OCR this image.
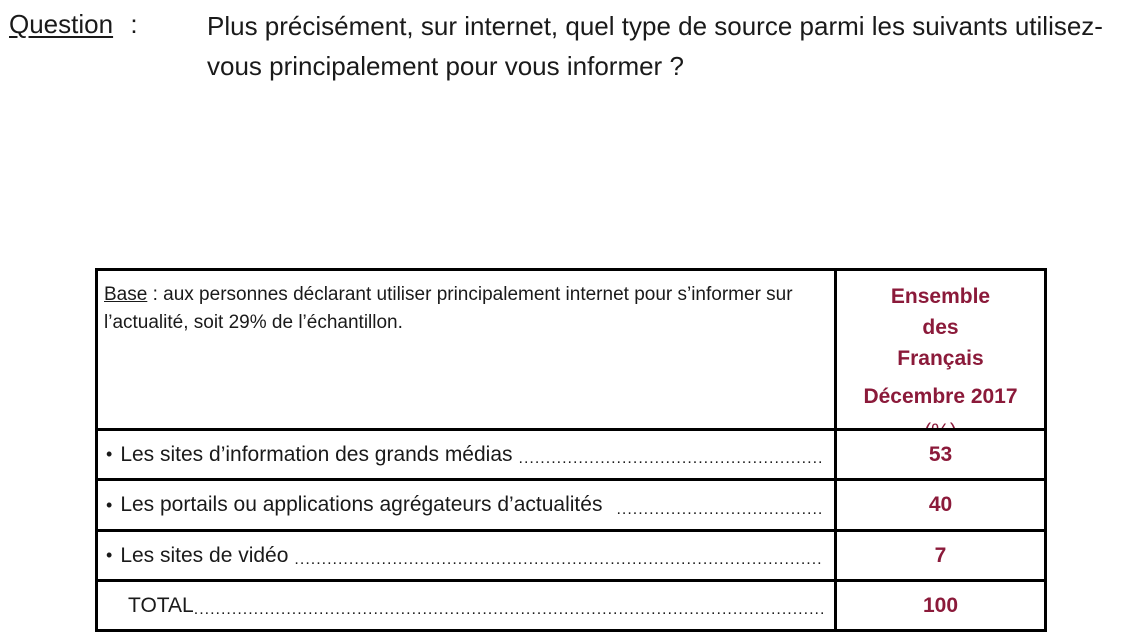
Question :	Plus précisément, sur internet, quel type de source parmi les suivants utilisez-vous principalement pour vous informer ?
Base : aux personnes déclarant utiliser principalement internet pour s’informer sur l’actualité, soit 29% de l’échantillon.
Ensemble des Français
Décembre 2017
• Les sites d’information des grands médias .....	53
• Les portails ou applications agrégateurs d’actualités .....	40
• Les sites de vidéo .....	7
TOTAL .....	100
